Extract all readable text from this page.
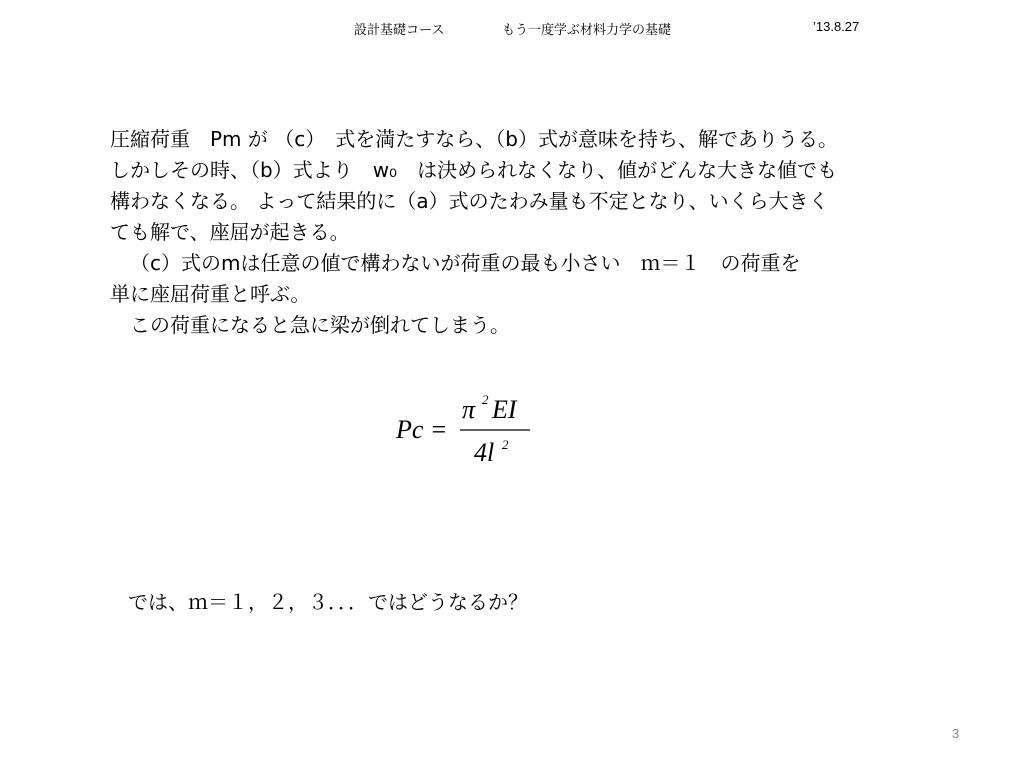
設計基礎コース	もう一度学ぶ材料力学の基礎	’13.8.27

圧縮荷重　Pm が （c）　式を満たすなら、（b）式が意味を持ち、解でありうる。

しかしその時、（b）式より　w₀　は決められなくなり、値がどんな大きな値でも

構わなくなる。 よって結果的に（a）式のたわみ量も不定となり、いくら大きく

ても解で、座屈が起きる。

（c）式のmは任意の値で構わないが荷重の最も小さい　ｍ＝１　の荷重を

単に座屈荷重と呼ぶ。

この荷重になると急に梁が倒れてしまう。

Pc =
π 2 EI
4l 2
では、ｍ＝１，２，３．．．ではどうなるか？
3
